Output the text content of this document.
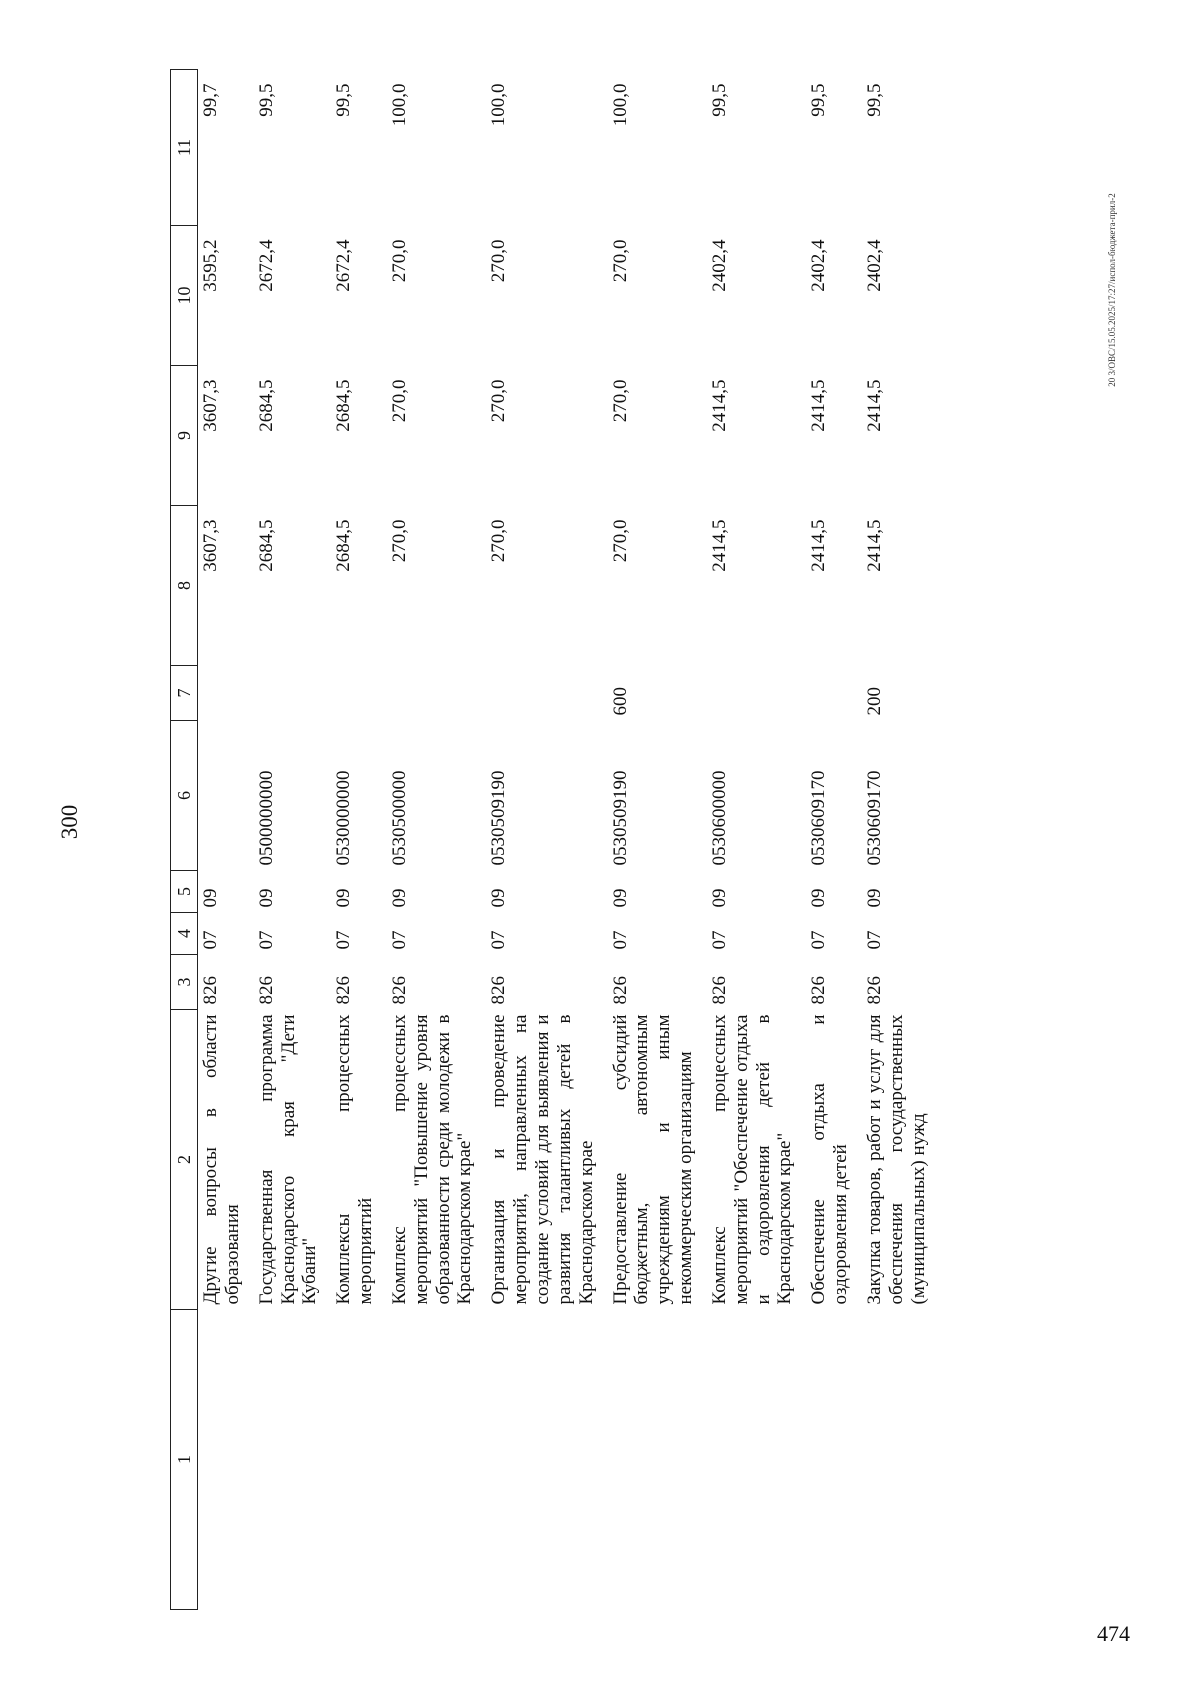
300
474
20 3/ОВС/15.05.2025/17:27/испол-бюджета-прил-2
1	2	3	4	5	6	7	8	9	10	11
	Другие вопросы в области образования	826	07	09			3607,3	3607,3	3595,2	99,7
	Государственная программа Краснодарского края "Дети Кубани"	826	07	09	0500000000		2684,5	2684,5	2672,4	99,5
	Комплексы процессных мероприятий	826	07	09	0530000000		2684,5	2684,5	2672,4	99,5
	Комплекс процессных мероприятий "Повышение уровня образованности среди молодежи в Краснодарском крае"	826	07	09	0530500000		270,0	270,0	270,0	100,0
	Организация и проведение мероприятий, направленных на создание условий для выявления и развития талантливых детей в Краснодарском крае	826	07	09	0530509190		270,0	270,0	270,0	100,0
	Предоставление субсидий бюджетным, автономным учреждениям и иным некоммерческим организациям	826	07	09	0530509190	600	270,0	270,0	270,0	100,0
	Комплекс процессных мероприятий "Обеспечение отдыха и оздоровления детей в Краснодарском крае"	826	07	09	0530600000		2414,5	2414,5	2402,4	99,5
	Обеспечение отдыха и оздоровления детей	826	07	09	0530609170		2414,5	2414,5	2402,4	99,5
	Закупка товаров, работ и услуг для обеспечения государственных (муниципальных) нужд	826	07	09	0530609170	200	2414,5	2414,5	2402,4	99,5
